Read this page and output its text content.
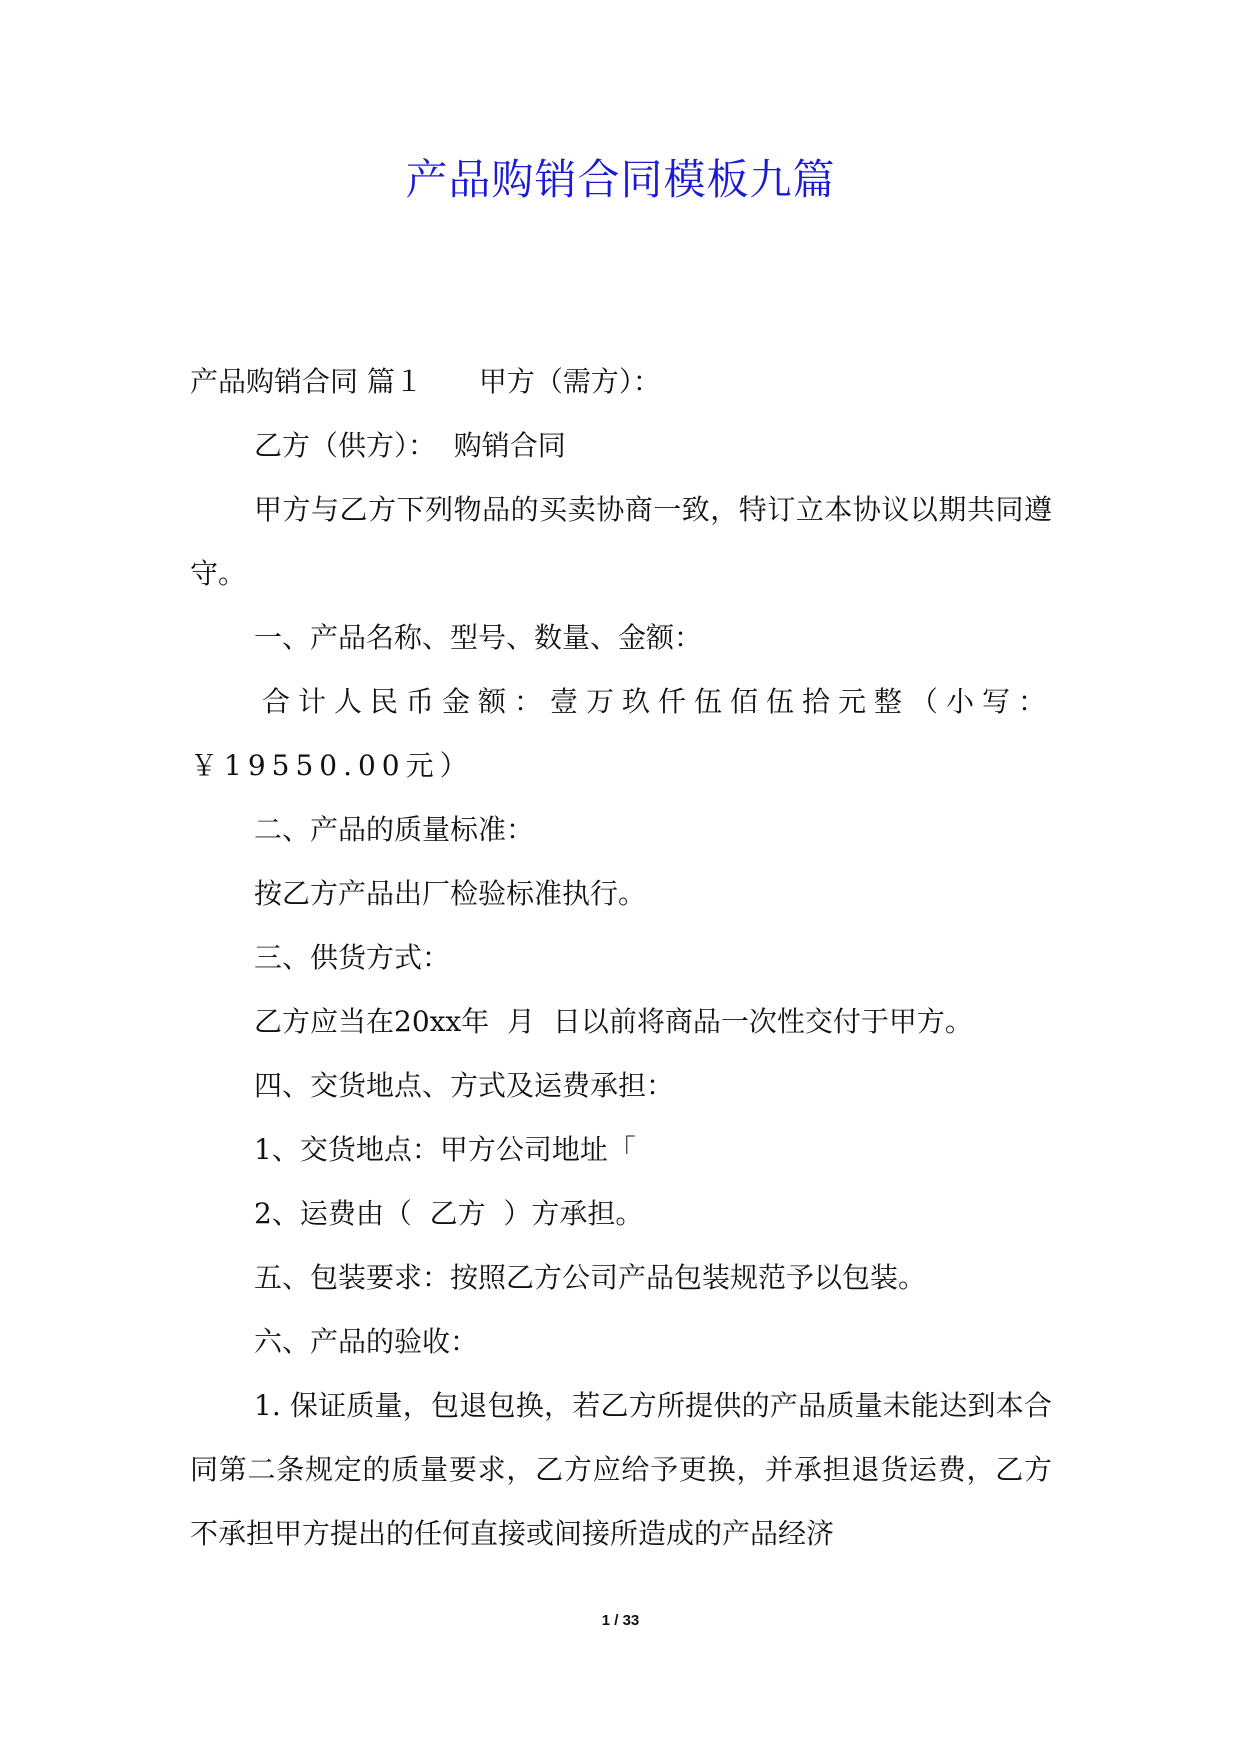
产品购销合同模板九篇

产品购销合同 篇１ 甲方（需方）：

乙方（供方）：  购销合同

甲方与乙方下列物品的买卖协商一致，特订立本协议以期共同遵守。

一、产品名称、型号、数量、金额：

合计人民币金额：壹万玖仟伍佰伍拾元整（小写：￥19550.00元）

二、产品的质量标准：

按乙方产品出厂检验标准执行。

三、供货方式：

乙方应当在20xx年  月  日以前将商品一次性交付于甲方。

四、交货地点、方式及运费承担：

1、交货地点：甲方公司地址「

2、运费由（  乙方  ）方承担。

五、包装要求：按照乙方公司产品包装规范予以包装。

六、产品的验收：

1. 保证质量，包退包换，若乙方所提供的产品质量未能达到本合同第二条规定的质量要求，乙方应给予更换，并承担退货运费，乙方不承担甲方提出的任何直接或间接所造成的产品经济

1 / 33
